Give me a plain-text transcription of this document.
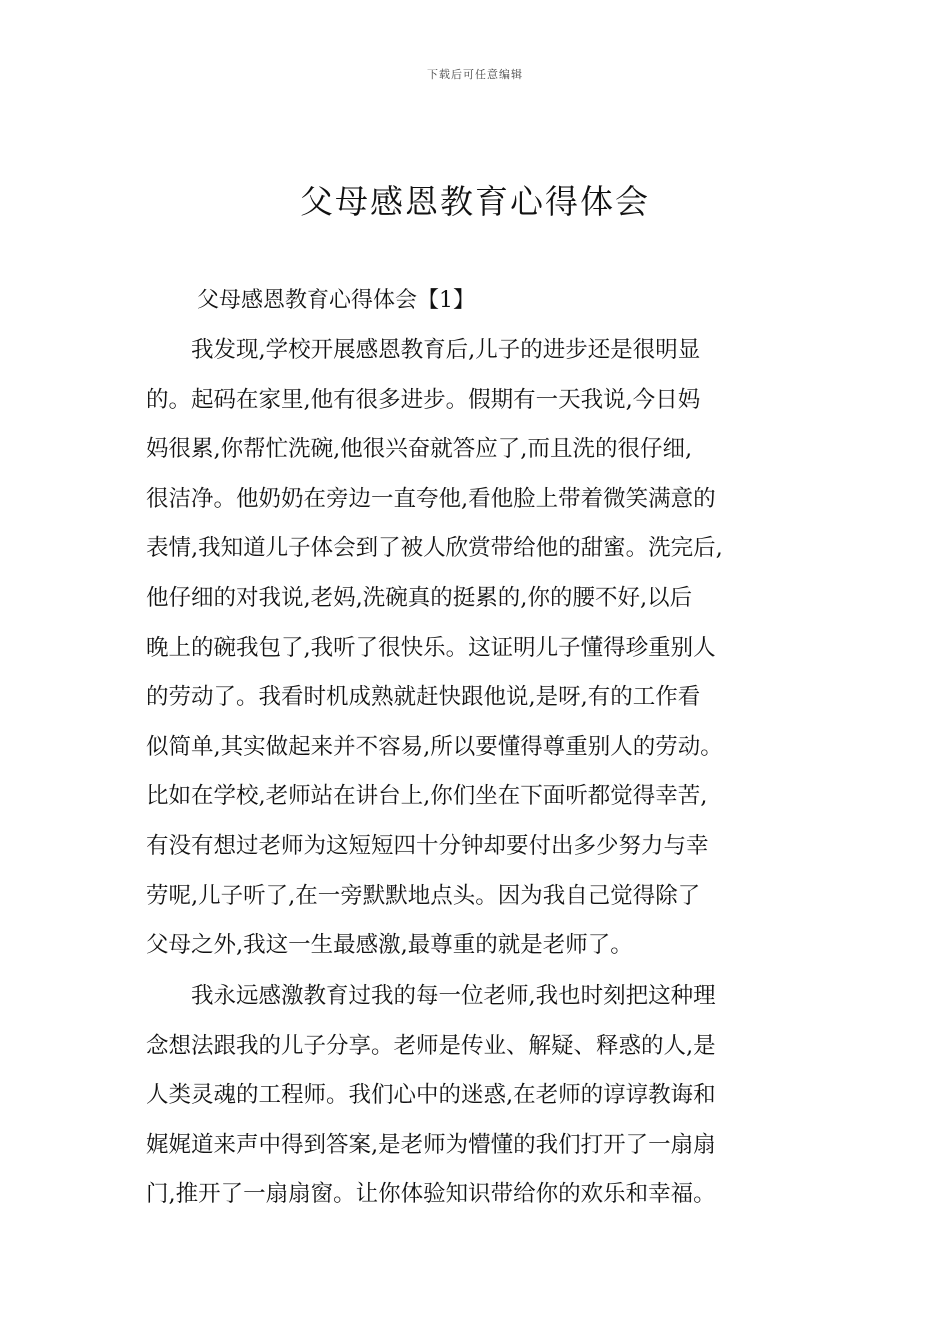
下载后可任意编辑
父母感恩教育心得体会

父母感恩教育心得体会【1】

　　我发现,学校开展感恩教育后,儿子的进步还是很明显
的。起码在家里,他有很多进步。假期有一天我说,今日妈
妈很累,你帮忙洗碗,他很兴奋就答应了,而且洗的很仔细,
很洁净。他奶奶在旁边一直夸他,看他脸上带着微笑满意的
表情,我知道儿子体会到了被人欣赏带给他的甜蜜。洗完后,
他仔细的对我说,老妈,洗碗真的挺累的,你的腰不好,以后
晚上的碗我包了,我听了很快乐。这证明儿子懂得珍重别人
的劳动了。我看时机成熟就赶快跟他说,是呀,有的工作看
似简单,其实做起来并不容易,所以要懂得尊重别人的劳动。
比如在学校,老师站在讲台上,你们坐在下面听都觉得幸苦,
有没有想过老师为这短短四十分钟却要付出多少努力与幸
劳呢,儿子听了,在一旁默默地点头。因为我自己觉得除了
父母之外,我这一生最感激,最尊重的就是老师了。
　　我永远感激教育过我的每一位老师,我也时刻把这种理
念想法跟我的儿子分享。老师是传业、解疑、释惑的人,是
人类灵魂的工程师。我们心中的迷惑,在老师的谆谆教诲和
娓娓道来声中得到答案,是老师为懵懂的我们打开了一扇扇
门,推开了一扇扇窗。让你体验知识带给你的欢乐和幸福。
